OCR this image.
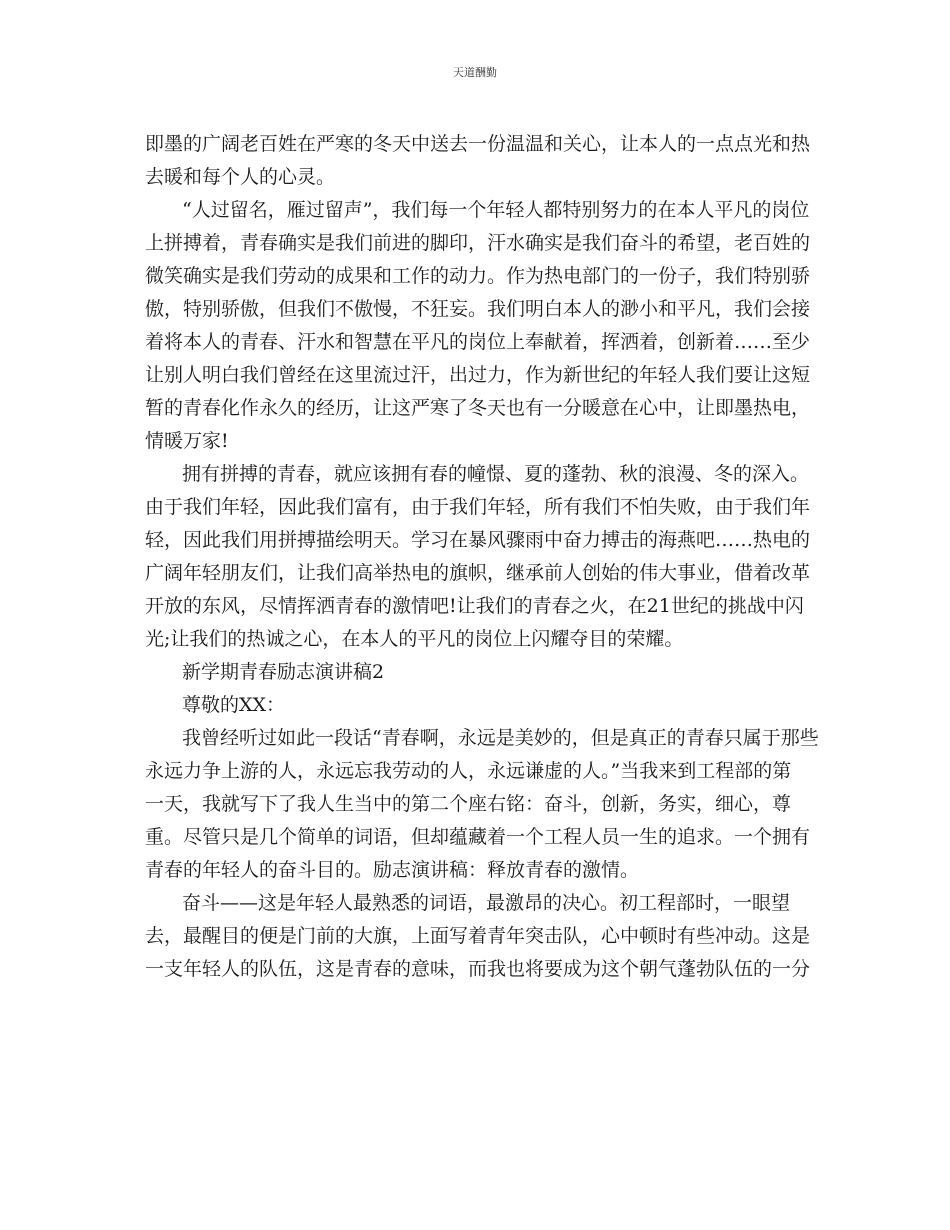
天道酬勤
即墨的广阔老百姓在严寒的冬天中送去一份温温和关心，让本人的一点点光和热
去暖和每个人的心灵。
“人过留名，雁过留声”，我们每一个年轻人都特别努力的在本人平凡的岗位
上拼搏着，青春确实是我们前进的脚印，汗水确实是我们奋斗的希望，老百姓的
微笑确实是我们劳动的成果和工作的动力。作为热电部门的一份子，我们特别骄
傲，特别骄傲，但我们不傲慢，不狂妄。我们明白本人的渺小和平凡，我们会接
着将本人的青春、汗水和智慧在平凡的岗位上奉献着，挥洒着，创新着……至少
让别人明白我们曾经在这里流过汗，出过力，作为新世纪的年轻人我们要让这短
暂的青春化作永久的经历，让这严寒了冬天也有一分暖意在心中，让即墨热电，
情暖万家!
拥有拼搏的青春，就应该拥有春的幢憬、夏的蓬勃、秋的浪漫、冬的深入。
由于我们年轻，因此我们富有，由于我们年轻，所有我们不怕失败，由于我们年
轻，因此我们用拼搏描绘明天。学习在暴风骤雨中奋力搏击的海燕吧……热电的
广阔年轻朋友们，让我们高举热电的旗帜，继承前人创始的伟大事业，借着改革
开放的东风，尽情挥洒青春的激情吧!让我们的青春之火，在21世纪的挑战中闪
光;让我们的热诚之心，在本人的平凡的岗位上闪耀夺目的荣耀。
新学期青春励志演讲稿2
尊敬的XX：
我曾经听过如此一段话“青春啊，永远是美妙的，但是真正的青春只属于那些
永远力争上游的人，永远忘我劳动的人，永远谦虚的人。”当我来到工程部的第
一天，我就写下了我人生当中的第二个座右铭：奋斗，创新，务实，细心，尊
重。尽管只是几个简单的词语，但却蕴藏着一个工程人员一生的追求。一个拥有
青春的年轻人的奋斗目的。励志演讲稿：释放青春的激情。
奋斗——这是年轻人最熟悉的词语，最激昂的决心。初工程部时，一眼望
去，最醒目的便是门前的大旗，上面写着青年突击队，心中顿时有些冲动。这是
一支年轻人的队伍，这是青春的意味，而我也将要成为这个朝气蓬勃队伍的一分
